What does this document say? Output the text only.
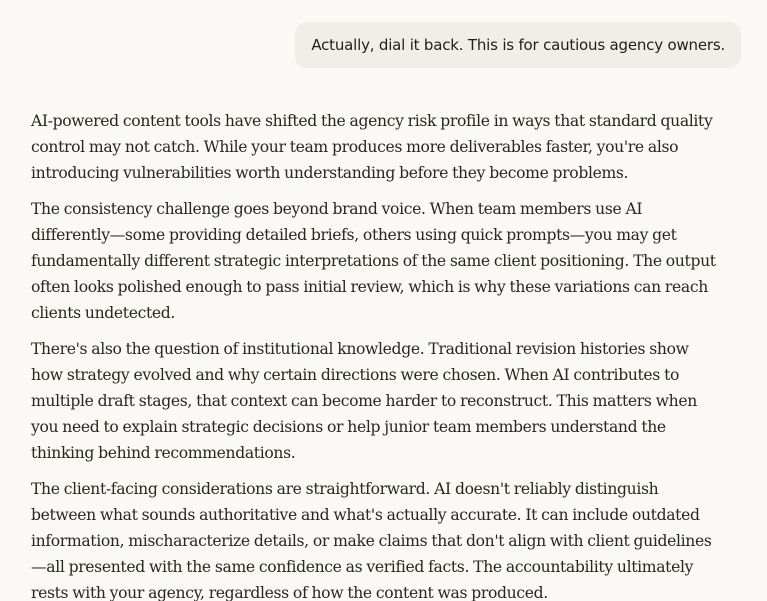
Actually, dial it back. This is for cautious agency owners.

AI-powered content tools have shifted the agency risk profile in ways that standard quality control may not catch. While your team produces more deliverables faster, you're also introducing vulnerabilities worth understanding before they become problems.

The consistency challenge goes beyond brand voice. When team members use AI differently—some providing detailed briefs, others using quick prompts—you may get fundamentally different strategic interpretations of the same client positioning. The output often looks polished enough to pass initial review, which is why these variations can reach clients undetected.

There's also the question of institutional knowledge. Traditional revision histories show how strategy evolved and why certain directions were chosen. When AI contributes to multiple draft stages, that context can become harder to reconstruct. This matters when you need to explain strategic decisions or help junior team members understand the thinking behind recommendations.

The client-facing considerations are straightforward. AI doesn't reliably distinguish between what sounds authoritative and what's actually accurate. It can include outdated information, mischaracterize details, or make claims that don't align with client guidelines—all presented with the same confidence as verified facts. The accountability ultimately rests with your agency, regardless of how the content was produced.
